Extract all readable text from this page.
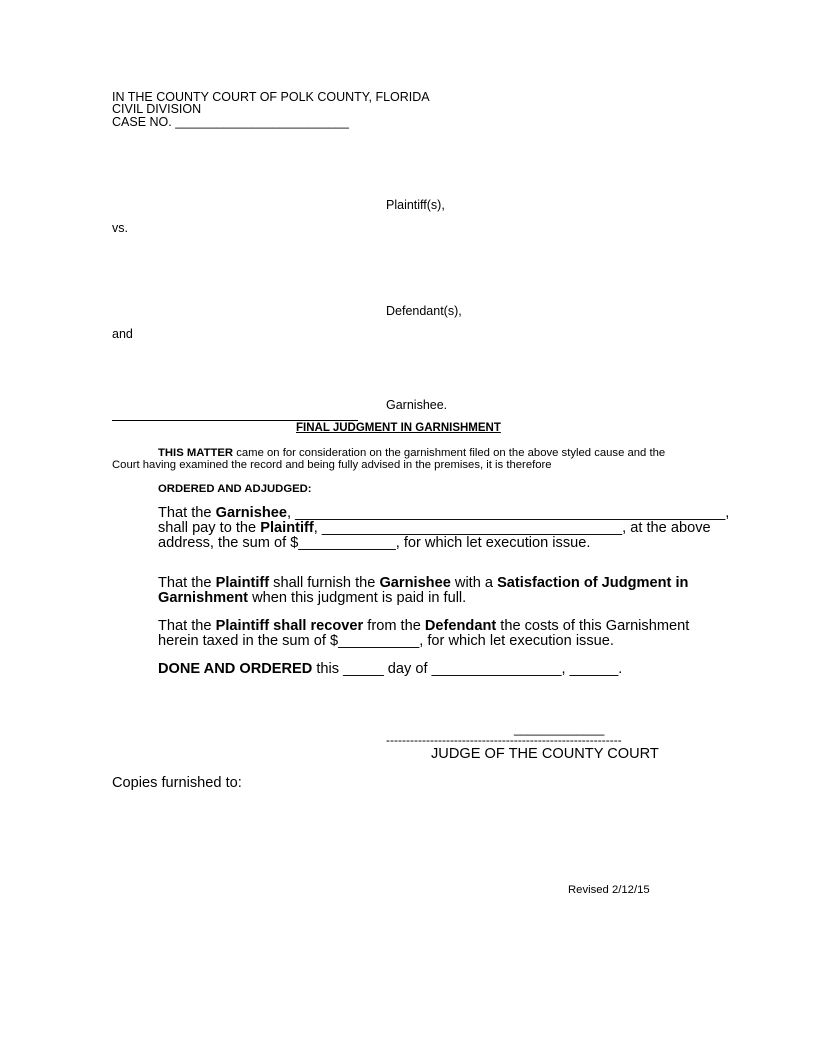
IN THE COUNTY COURT OF POLK COUNTY, FLORIDA
CIVIL DIVISION
CASE NO. _________________________
Plaintiff(s),
vs.
Defendant(s),
and
Garnishee.
FINAL JUDGMENT IN GARNISHMENT
THIS MATTER came on for consideration on the garnishment filed on the above styled cause and the
Court having examined the record and being fully advised in the premises, it is therefore
ORDERED AND ADJUDGED:
That the Garnishee, _____________________________________________________,
shall pay to the Plaintiff, _____________________________________, at the above
address, the sum of $____________, for which let execution issue.
That the Plaintiff shall furnish the Garnishee with a Satisfaction of Judgment in
Garnishment when this judgment is paid in full.
That the Plaintiff shall recover from the Defendant the costs of this Garnishment
herein taxed in the sum of $__________, for which let execution issue.
DONE AND ORDERED this _____ day of ________________, ______.
_____________
-----------------------------------------------------------
JUDGE OF THE COUNTY COURT
Copies furnished to:
Revised 2/12/15
